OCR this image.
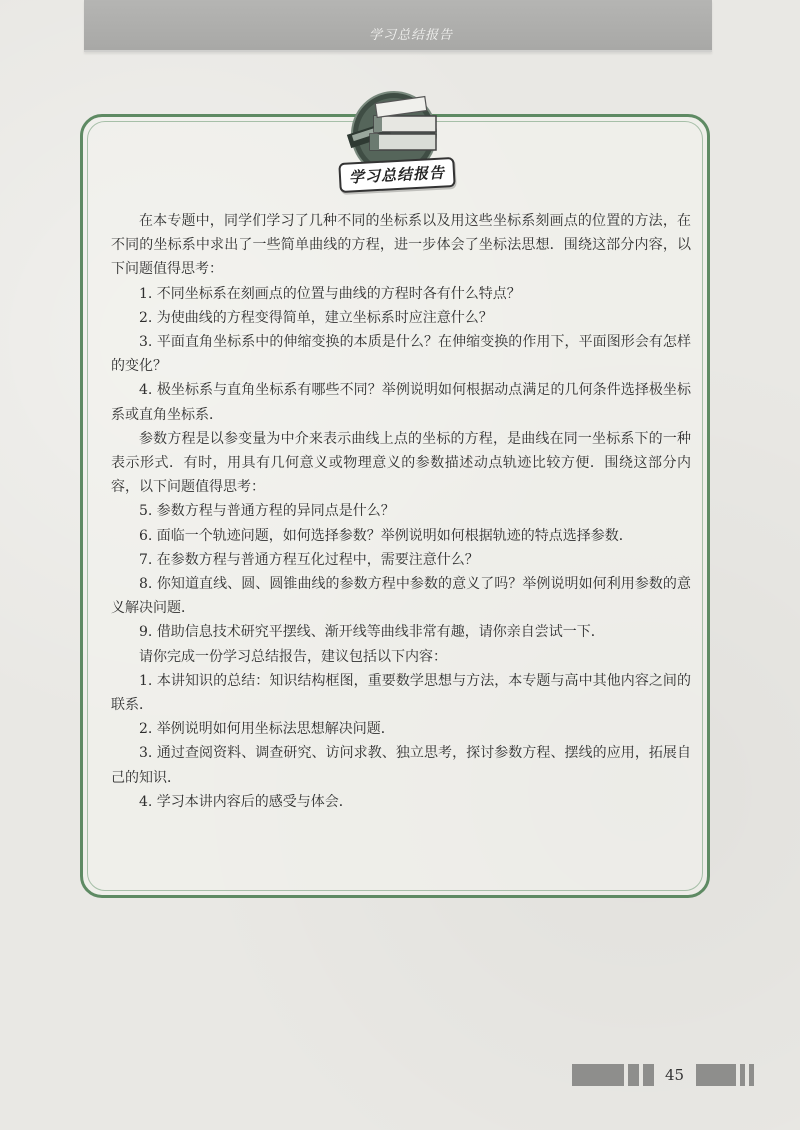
学习总结报告
学习总结报告

在本专题中，同学们学习了几种不同的坐标系以及用这些坐标系刻画点的位置的方法，在不同的坐标系中求出了一些简单曲线的方程，进一步体会了坐标法思想．围绕这部分内容，以下问题值得思考：

1. 不同坐标系在刻画点的位置与曲线的方程时各有什么特点？

2. 为使曲线的方程变得简单，建立坐标系时应注意什么？

3. 平面直角坐标系中的伸缩变换的本质是什么？在伸缩变换的作用下，平面图形会有怎样的变化？

4. 极坐标系与直角坐标系有哪些不同？举例说明如何根据动点满足的几何条件选择极坐标系或直角坐标系．

参数方程是以参变量为中介来表示曲线上点的坐标的方程，是曲线在同一坐标系下的一种表示形式．有时，用具有几何意义或物理意义的参数描述动点轨迹比较方便．围绕这部分内容，以下问题值得思考：

5. 参数方程与普通方程的异同点是什么？

6. 面临一个轨迹问题，如何选择参数？举例说明如何根据轨迹的特点选择参数．

7. 在参数方程与普通方程互化过程中，需要注意什么？

8. 你知道直线、圆、圆锥曲线的参数方程中参数的意义了吗？举例说明如何利用参数的意义解决问题．

9. 借助信息技术研究平摆线、渐开线等曲线非常有趣，请你亲自尝试一下．

请你完成一份学习总结报告，建议包括以下内容：

1. 本讲知识的总结：知识结构框图，重要数学思想与方法，本专题与高中其他内容之间的联系．

2. 举例说明如何用坐标法思想解决问题．

3. 通过查阅资料、调查研究、访问求教、独立思考，探讨参数方程、摆线的应用，拓展自己的知识．

4. 学习本讲内容后的感受与体会．

45
